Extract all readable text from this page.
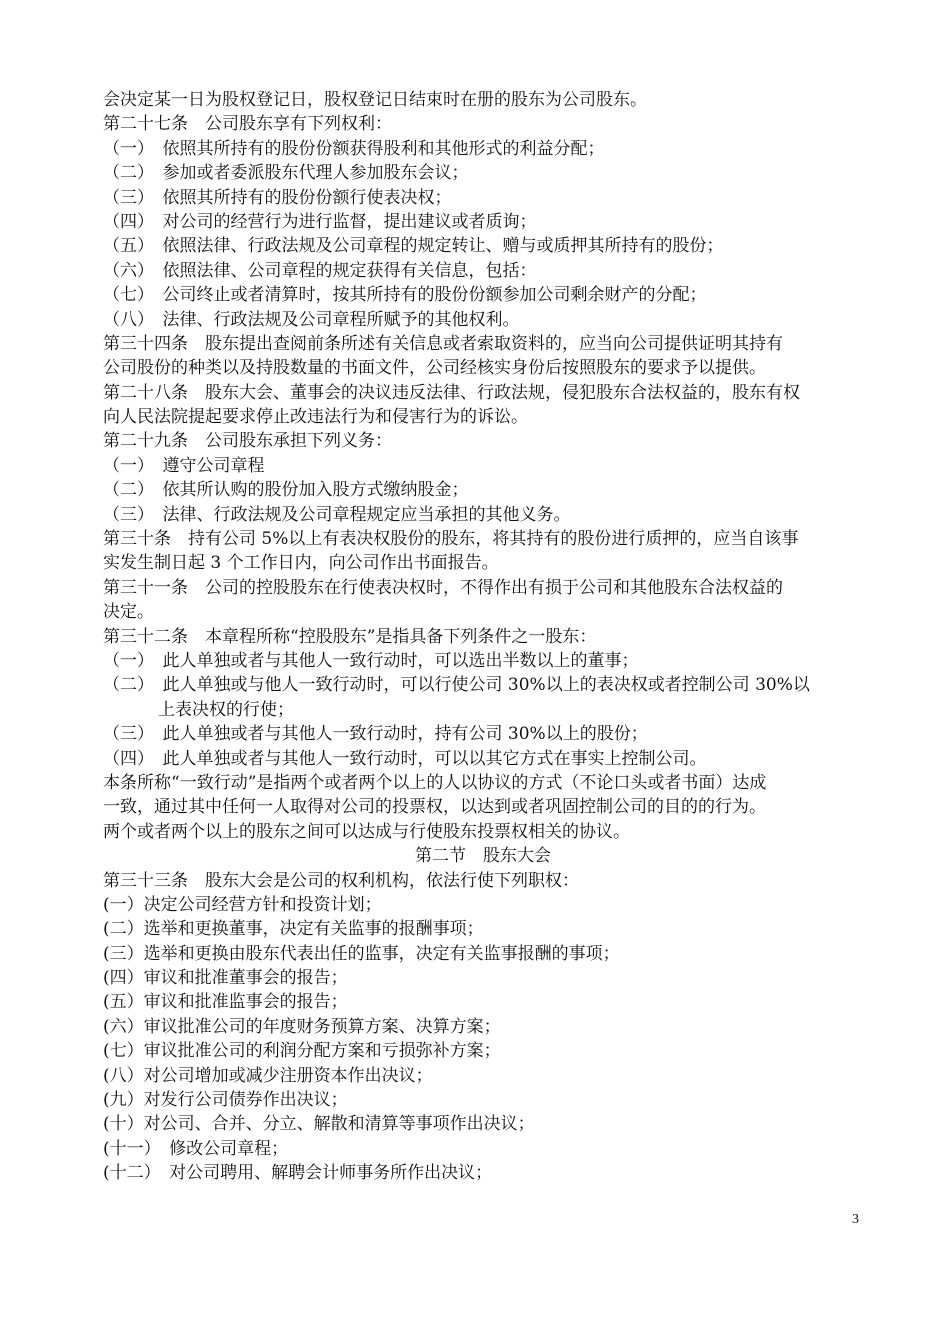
会决定某一日为股权登记日，股权登记日结束时在册的股东为公司股东。
第二十七条　公司股东享有下列权利：
（一）　依照其所持有的股份份额获得股利和其他形式的利益分配；
（二）　参加或者委派股东代理人参加股东会议；
（三）　依照其所持有的股份份额行使表决权；
（四）　对公司的经营行为进行监督，提出建议或者质询；
（五）　依照法律、行政法规及公司章程的规定转让、赠与或质押其所持有的股份；
（六）　依照法律、公司章程的规定获得有关信息，包括：
（七）　公司终止或者清算时，按其所持有的股份份额参加公司剩余财产的分配；
（八）　法律、行政法规及公司章程所赋予的其他权利。
第三十四条　股东提出查阅前条所述有关信息或者索取资料的，应当向公司提供证明其持有
公司股份的种类以及持股数量的书面文件，公司经核实身份后按照股东的要求予以提供。
第二十八条　股东大会、董事会的决议违反法律、行政法规，侵犯股东合法权益的，股东有权
向人民法院提起要求停止改违法行为和侵害行为的诉讼。
第二十九条　公司股东承担下列义务：
（一）　遵守公司章程
（二）　依其所认购的股份加入股方式缴纳股金；
（三）　法律、行政法规及公司章程规定应当承担的其他义务。
第三十条　持有公司 5%以上有表决权股份的股东，将其持有的股份进行质押的，应当自该事
实发生制日起 3 个工作日内，向公司作出书面报告。
第三十一条　公司的控股股东在行使表决权时，不得作出有损于公司和其他股东合法权益的
决定。
第三十二条　本章程所称“控股股东”是指具备下列条件之一股东：
（一）　此人单独或者与其他人一致行动时，可以选出半数以上的董事；
（二）　此人单独或与他人一致行动时，可以行使公司 30%以上的表决权或者控制公司 30%以
上表决权的行使；
（三）　此人单独或者与其他人一致行动时，持有公司 30%以上的股份；
（四）　此人单独或者与其他人一致行动时，可以以其它方式在事实上控制公司。
本条所称“一致行动”是指两个或者两个以上的人以协议的方式（不论口头或者书面）达成
一致，通过其中任何一人取得对公司的投票权，以达到或者巩固控制公司的目的的行为。
两个或者两个以上的股东之间可以达成与行使股东投票权相关的协议。
第二节　股东大会
第三十三条　股东大会是公司的权利机构，依法行使下列职权：
(一）决定公司经营方针和投资计划；
(二）选举和更换董事，决定有关监事的报酬事项；
(三）选举和更换由股东代表出任的监事，决定有关监事报酬的事项；
(四）审议和批准董事会的报告；
(五）审议和批准监事会的报告；
(六）审议批准公司的年度财务预算方案、决算方案；
(七）审议批准公司的利润分配方案和亏损弥补方案；
(八）对公司增加或减少注册资本作出决议；
(九）对发行公司债券作出决议；
(十）对公司、合并、分立、解散和清算等事项作出决议；
(十一）　修改公司章程；
(十二）　对公司聘用、解聘会计师事务所作出决议；
3
